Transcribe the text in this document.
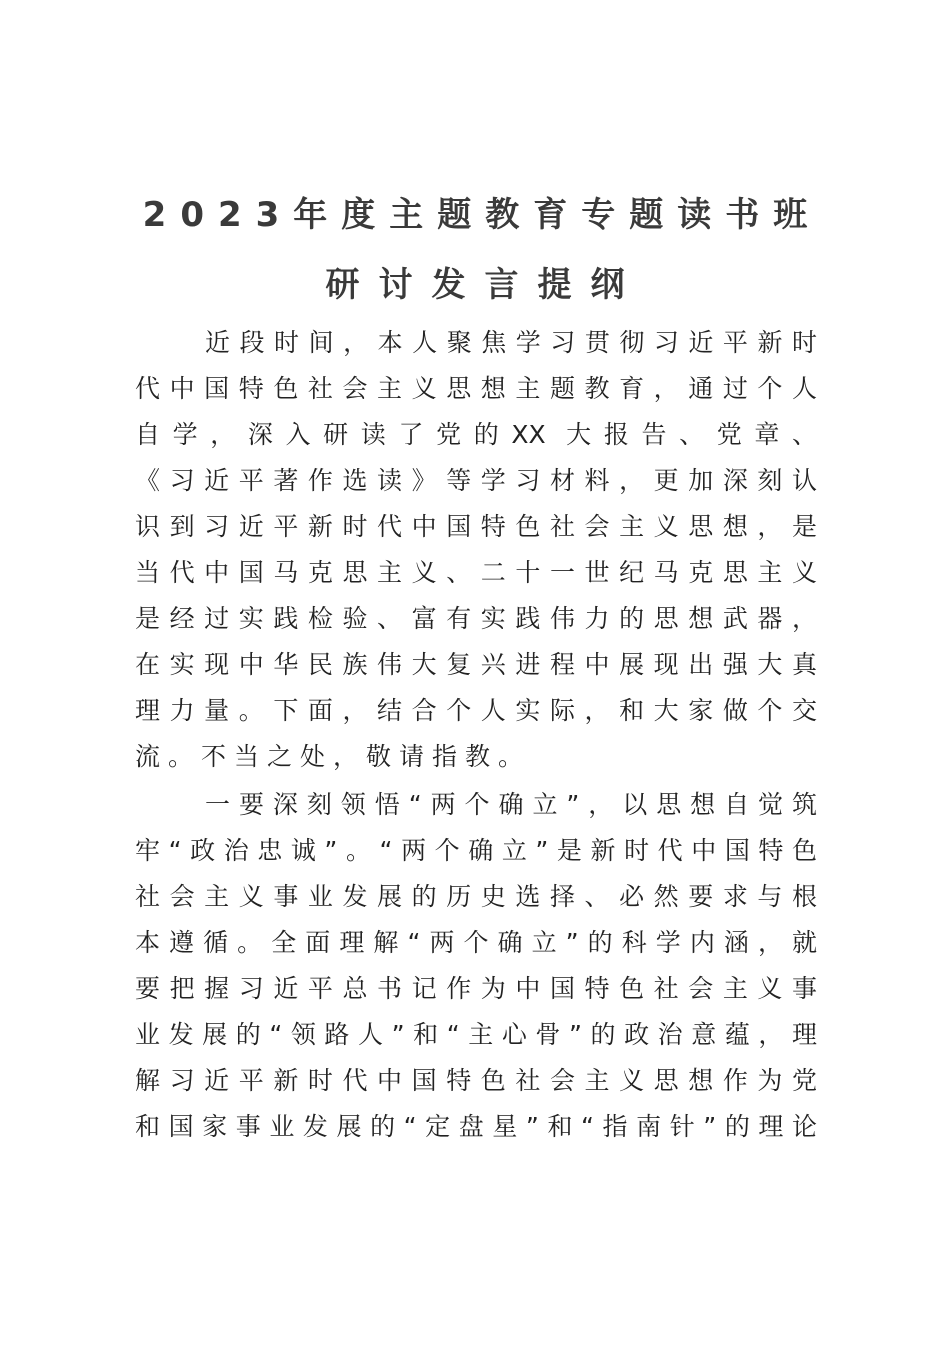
2023年度主题教育专题读书班
研讨发言提纲
近段时间，本人聚焦学习贯彻习近平新时
代中国特色社会主义思想主题教育，通过个人
自学，深入研读了党的XX 大报告、党章、
《习近平著作选读》等学习材料，更加深刻认
识到习近平新时代中国特色社会主义思想，是
当代中国马克思主义、二十一世纪马克思主义
是经过实践检验、富有实践伟力的思想武器，
在实现中华民族伟大复兴进程中展现出强大真
理力量。下面，结合个人实际，和大家做个交
流。不当之处，敬请指教。
一要深刻领悟“两个确立”，以思想自觉筑
牢“政治忠诚”。“两个确立”是新时代中国特色
社会主义事业发展的历史选择、必然要求与根
本遵循。全面理解“两个确立”的科学内涵，就
要把握习近平总书记作为中国特色社会主义事
业发展的“领路人”和“主心骨”的政治意蕴，理
解习近平新时代中国特色社会主义思想作为党
和国家事业发展的“定盘星”和“指南针”的理论
